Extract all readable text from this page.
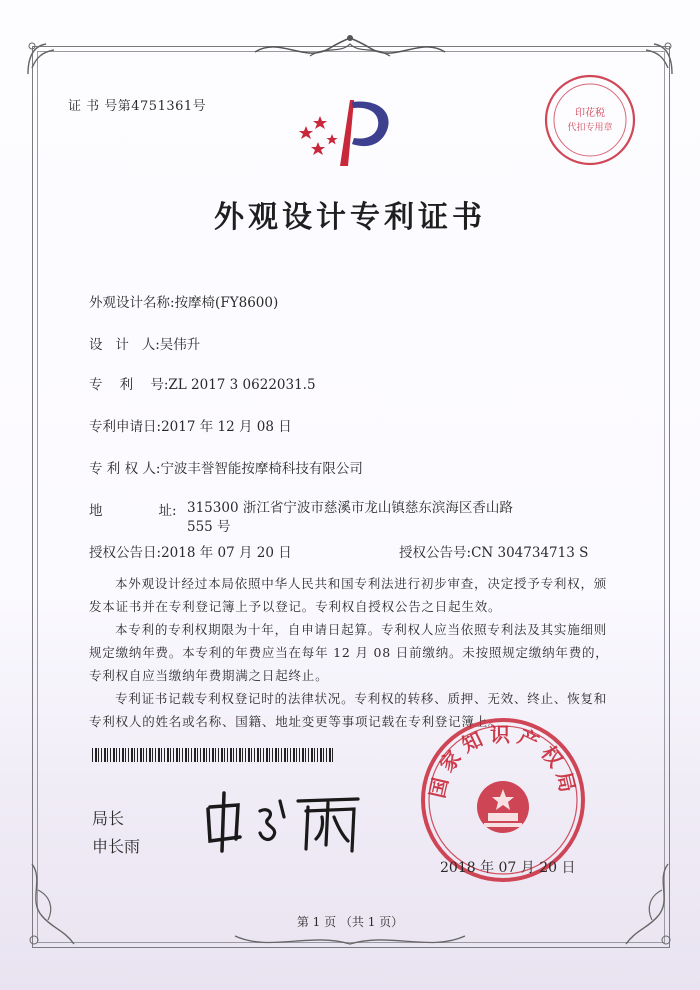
证 书 号第4751361号	印花税
代扣专用章
外观设计专利证书
外观设计名称:按摩椅(FY8600)
设   计   人:吴伟升
专    利    号:ZL 2017 3 0622031.5
专利申请日:2017 年 12 月 08 日
专 利 权 人:宁波丰誉智能按摩椅科技有限公司
地	址: 315300 浙江省宁波市慈溪市龙山镇慈东滨海区香山路 555 号
授权公告日:2018 年 07 月 20 日	授权公告号:CN 304734713 S
本外观设计经过本局依照中华人民共和国专利法进行初步审查，决定授予专利权，颁发本证书并在专利登记簿上予以登记。专利权自授权公告之日起生效。
本专利的专利权期限为十年，自申请日起算。专利权人应当依照专利法及其实施细则规定缴纳年费。本专利的年费应当在每年 12 月 08 日前缴纳。未按照规定缴纳年费的，专利权自应当缴纳年费期满之日起终止。
专利证书记载专利权登记时的法律状况。专利权的转移、质押、无效、终止、恢复和专利权人的姓名或名称、国籍、地址变更等事项记载在专利登记簿上。
局长
申长雨
国家知识产权局
2018 年 07 月 20 日
第 1 页 （共 1 页）
